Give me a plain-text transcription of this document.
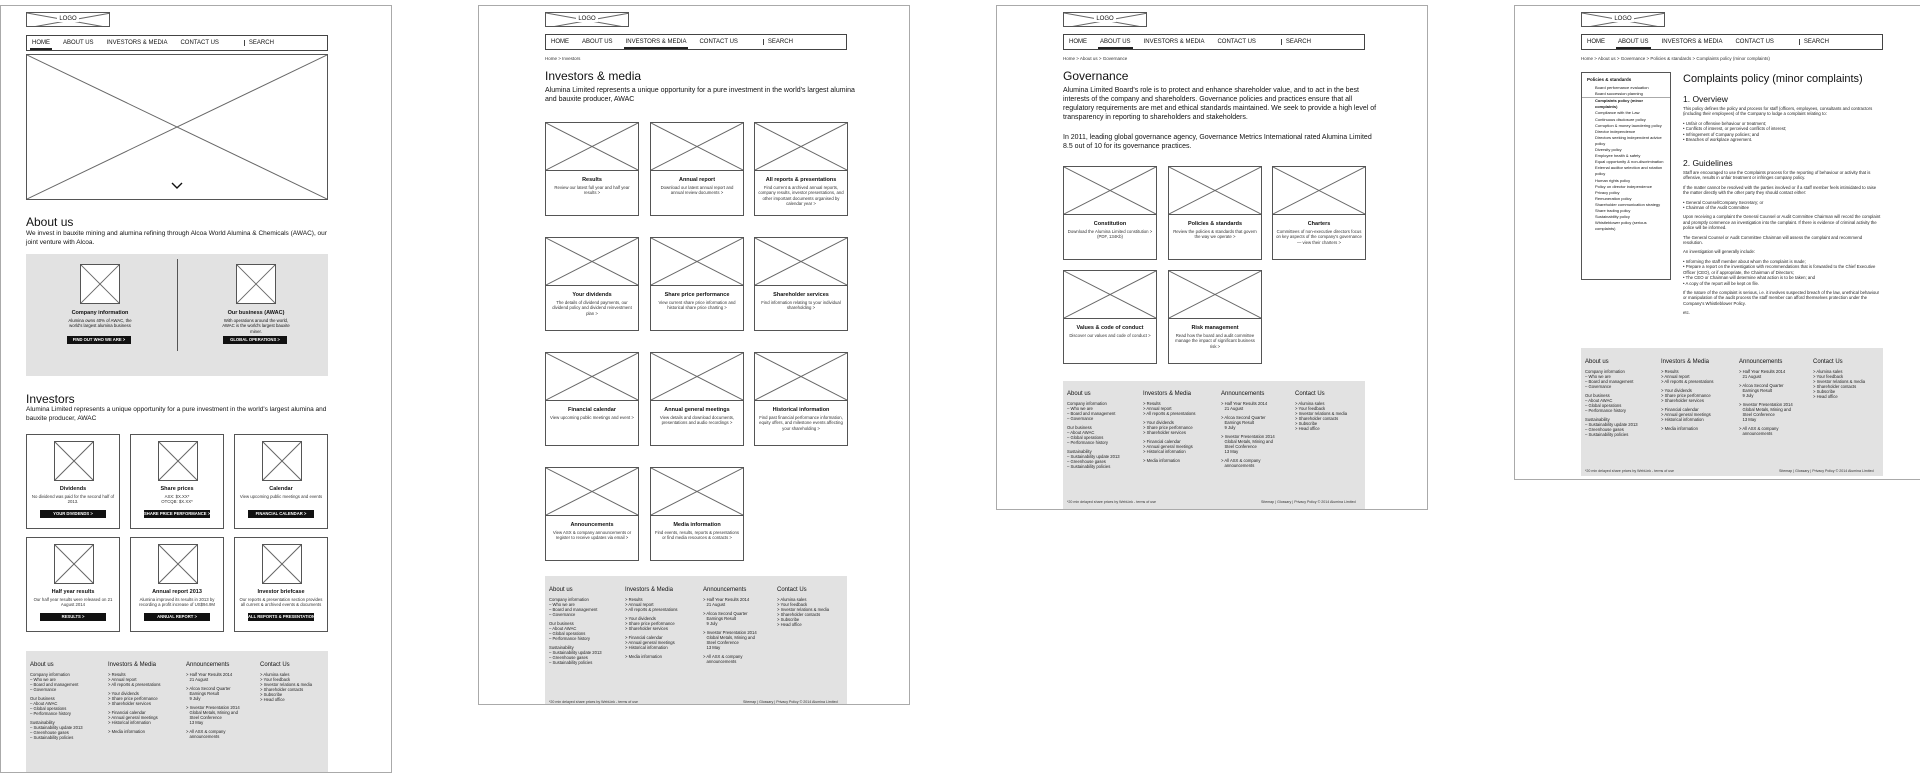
LOGO
HOME ABOUT US INVESTORS & MEDIA CONTACT US	SEARCH
About us
We invest in bauxite mining and alumina refining through Alcoa World Alumina & Chemicals (AWAC), our joint venture with Alcoa.
Company information
Alumina owns 40% of AWAC, the world's largest alumina business
FIND OUT WHO WE ARE >
Our business (AWAC)
With operations around the world, AWAC is the world's largest bauxite miner.
GLOBAL OPERATIONS >
Investors
Alumina Limited represents a unique opportunity for a pure investment in the world's largest alumina and bauxite producer, AWAC
About us
Company information
– Who we are
– Board and management
– Governance
Our business
– About AWAC
– Global operations
– Performance history
Sustainability
– Sustainability update 2013
– Greenhouse gases
– Sustainability policies
Investors & Media
> Results
> Annual report
> All reports & presentations
> Your dividends
> Share price performance
> Shareholder services
> Financial calendar
> Annual general meetings
> Historical information
> Media information
Announcements
> Half Year Results 2014
21 August
> Alcoa Second Quarter
Earnings Result
9 July
> Investor Presentation 2014
Global Metals, Mining and
Steel Conference
13 May
> All ASX & company
announcements
Contact Us
> Alumina sales
> Your feedback
> Investor relations & media
> Shareholder contacts
> Subscribe
> Head office
Dividends
No dividend was paid for the second half of 2013.
YOUR DIVIDENDS >
Share prices
ASX: $X.XX*
OTCQB: $X.XX*
SHARE PRICE PERFORMANCE >
Calendar
View upcoming public meetings and events
FINANCIAL CALENDAR >
Half year results
Our half year results were released on 21 August 2014
RESULTS >
Annual report 2013
Alumina improved its results in 2013 by recording a profit increase of US$94.9M
ANNUAL REPORT >
Investor briefcase
Our reports & presentation section provides all current & archived events & documents
ALL REPORTS & PRESENTATIONS >
LOGO
HOME ABOUT US INVESTORS & MEDIA CONTACT US	SEARCH
Home > Investors
Investors & media
Alumina Limited represents a unique opportunity for a pure investment in the world's largest alumina and bauxite producer, AWAC
About us
Company information
– Who we are
– Board and management
– Governance
Our business
– About AWAC
– Global operations
– Performance history
Sustainability
– Sustainability update 2013
– Greenhouse gases
– Sustainability policies
Investors & Media
> Results
> Annual report
> All reports & presentations
> Your dividends
> Share price performance
> Shareholder services
> Financial calendar
> Annual general meetings
> Historical information
> Media information
Announcements
> Half Year Results 2014
21 August
> Alcoa Second Quarter
Earnings Result
9 July
> Investor Presentation 2014
Global Metals, Mining and
Steel Conference
13 May
> All ASX & company
announcements
Contact Us
> Alumina sales
> Your feedback
> Investor relations & media
> Shareholder contacts
> Subscribe
> Head office
*20 min delayed share prices by WebLink - terms of use	Sitemap | Glossary | Privacy Policy © 2014 Alumina Limited
Results
Review our latest full year and half year results >
Annual report
Download our latest annual report and annual review documents >
All reports & presentations
Find current & archived annual reports, company results, investor presentations, and other important documents organised by calendar year >
Your dividends
The details of dividend payments, our dividend policy and dividend reinvestment plan >
Share price performance
View current share price information and historical share price charting >
Shareholder services
Find information relating to your individual shareholding >
Financial calendar
View upcoming public meetings and event >
Annual general meetings
View details and download documents, presentations and audio recordings >
Historical information
Find past financial performance information, equity offers, and milestone events affecting your shareholding >
Announcements
View ASX & company announcements or register to receive updates via email >
Media information
Find events, results, reports & presentations or find media resources & contacts >
LOGO
HOME ABOUT US INVESTORS & MEDIA CONTACT US	SEARCH
Home > About us > Governance
Governance
Alumina Limited Board's role is to protect and enhance shareholder value, and to act in the best interests of the company and shareholders. Governance policies and practices ensure that all regulatory requirements are met and ethical standards maintained. We seek to provide a high level of transparency in reporting to shareholders and stakeholders.
In 2011, leading global governance agency, Governance Metrics International rated Alumina Limited 8.5 out of 10 for its governance practices.
About us
Company information
– Who we are
– Board and management
– Governance
Our business
– About AWAC
– Global operations
– Performance history
Sustainability
– Sustainability update 2013
– Greenhouse gases
– Sustainability policies
Investors & Media
> Results
> Annual report
> All reports & presentations
> Your dividends
> Share price performance
> Shareholder services
> Financial calendar
> Annual general meetings
> Historical information
> Media information
Announcements
> Half Year Results 2014
21 August
> Alcoa Second Quarter
Earnings Result
9 July
> Investor Presentation 2014
Global Metals, Mining and
Steel Conference
13 May
> All ASX & company
announcements
Contact Us
> Alumina sales
> Your feedback
> Investor relations & media
> Shareholder contacts
> Subscribe
> Head office
*20 min delayed share prices by WebLink - terms of use	Sitemap | Glossary | Privacy Policy © 2014 Alumina Limited
Constitution
Download the Alumina Limited constitution > (PDF, 134Kb)
Policies & standards
Review the policies & standards that govern the way we operate >
Charters
Committees of non-executive directors focus on key aspects of the company's governance — view their charters >
Values & code of conduct
Discover our values and code of conduct >
Risk management
Read how the board and audit committee manage the impact of significant business risk >
LOGO
HOME ABOUT US INVESTORS & MEDIA CONTACT US	SEARCH
Home > About us > Governance > Policies & standards > Complaints policy (minor complaints)
Policies & standards
Board performance evaluation
Board succession planning
Complaints policy (minor complaints)
Compliance with the Law
Continuous disclosure policy
Corruption & money laundering policy
Director independence
Directors seeking independent advice policy
Diversity policy
Employee health & safety
Equal opportunity & non-discrimination
External auditor selection and rotation policy
Human rights policy
Policy on director independence
Privacy policy
Remuneration policy
Shareholder communication strategy
Share trading policy
Sustainability policy
Whistleblower policy (serious complaints)
Complaints policy (minor complaints)
1. Overview

This policy defines the policy and process for staff (officers, employees, consultants and contractors (including their employees) of the Company to lodge a complaint relating to:

• Unfair or offensive behaviour or treatment;
• Conflicts of interest, or perceived conflicts of interest;
• Infringement of Company policies; and
• Breaches of workplace agreement.

2. Guidelines

Staff are encouraged to use the Complaints process for the reporting of behaviour or activity that is offensive, results in unfair treatment or infringes company policy.

If the matter cannot be resolved with the parties involved or if a staff member feels intimidated to raise the matter directly with the other party they should contact either:

• General Counsel/Company Secretary; or
• Chairman of the Audit Committee

Upon receiving a complaint the General Counsel or Audit Committee Chairman will record the complaint and promptly commence an investigation into the complaint. If there is evidence of criminal activity the police will be informed.

The General Counsel or Audit Committee Chairman will assess the complaint and recommend resolution.

An investigation will generally include:

• Informing the staff member about whom the complaint is made;
• Prepare a report on the investigation with recommendations that is forwarded to the Chief Executive Officer (CEO), or if appropriate, the Chairman of Directors;
• The CEO or Chairman will determine what action is to be taken; and
• A copy of the report will be kept on file.

If the nature of the complaint is serious, i.e. it involves suspected breach of the law, unethical behaviour or manipulation of the audit process the staff member can afford themselves protection under the Company's Whistleblower Policy.

etc.

About us
Company information
– Who we are
– Board and management
– Governance
Our business
– About AWAC
– Global operations
– Performance history
Sustainability
– Sustainability update 2013
– Greenhouse gases
– Sustainability policies
Investors & Media
> Results
> Annual report
> All reports & presentations
> Your dividends
> Share price performance
> Shareholder services
> Financial calendar
> Annual general meetings
> Historical information
> Media information
Announcements
> Half Year Results 2014
21 August
> Alcoa Second Quarter
Earnings Result
9 July
> Investor Presentation 2014
Global Metals, Mining and
Steel Conference
13 May
> All ASX & company
announcements
Contact Us
> Alumina sales
> Your feedback
> Investor relations & media
> Shareholder contacts
> Subscribe
> Head office
*20 min delayed share prices by WebLink - terms of use	Sitemap | Glossary | Privacy Policy © 2014 Alumina Limited
